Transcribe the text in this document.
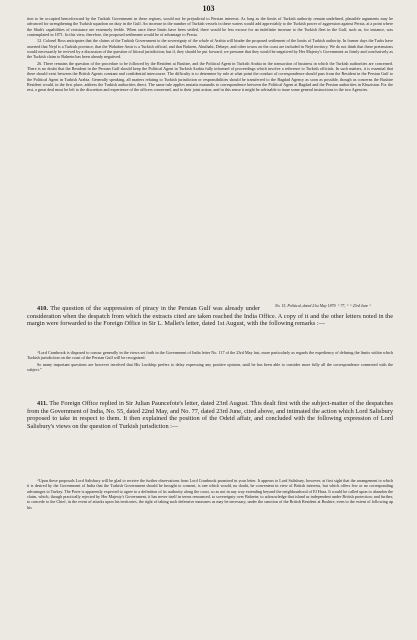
103

tion to be occupied henceforward by the Turkish Government in these regions, would not be prejudicial to Persian interests. As long as the limits of Turkish authority remain undefined, plausible arguments may be advanced for strengthening the Turkish squadron on duty in the Gulf. An increase in the number of Turkish vessels in these waters would add appreciably to the Turkish power of aggression against Persia, at a point where the Shah's capabilities of resistance are extremely feeble. When once these limits have been settled, there would be less excuse for an indefinite increase to the Turkish fleet in the Gulf, such as, for instance, was contemplated in 1871. In this view, therefore, the proposed settlement would be of advantage to Persia.

12. Colonel Ross anticipates that the claims of the Turkish Government to the sovereignty of the whole of Arabia will hinder the proposed settlement of the limits of Turkish authority. In former days the Turks have asserted that Nejd is a Turkish province, that the Wahabee Amir is a Turkish official, and that Bahrein, Abuthabi, Debaye, and other towns on the coast are included in Nejd territory. We do not think that these pretensions would necessarily be revived by a discussion of the question of littoral jurisdiction; but if, they should be put forward, we presume that they would be negatived by Her Majesty's Government as firmly and conclusively as the Turkish claim to Bahrein has been already negatived.

26. There remains the question of the procedure to be followed by the Resident at Bushire, and the Political Agent in Turkish Arabia in the transaction of business in which the Turkish authorities are concerned. There is no doubt that the Resident in the Persian Gulf should keep the Political Agent in Turkish Arabia fully informed of proceedings which involve a reference to Turkish officials. In such matters, it is essential that there should exist between the British Agents constant and confidential intercourse. The difficulty is to determine by rule at what point the conduct of correspondence should pass from the Resident in the Persian Gulf to the Political Agent in Turkish Arabia. Generally speaking, all matters relating to Turkish jurisdiction or responsibilities should be transferred to the Bagdad Agency as soon as possible, though as concerns the Bushire Resident would, in the first place, address the Turkish authorities direct. The same rule applies mutatis mutandis to correspondence between the Political Agent at Bagdad and the Persian authorities in Khuzistan. For the rest, a great deal must be left to the discretion and experience of the officers concerned, and to their joint action; and in this sense it might be advisable to issue some general instructions to the two Agencies.

No. 15, Political, dated 21st May 1879. “ 77, “ “ 23rd June “
410. The question of the suppression of piracy in the Persian Gulf was already under consideration when the despatch from which the extracts cited are taken reached the India Office. A copy of it and the other letters noted in the margin were forwarded to the Foreign Office in Sir L. Mallet's letter, dated 1st August, with the following remarks :—

“Lord Cranbrook is disposed to concur generally in the views set forth in the Government of India letter No. 117 of the 23rd May last, more particularly as regards the expediency of defining the limits within which Turkish jurisdiction on the coast of the Persian Gulf will be recognized.

So many important questions are however involved that His Lordship prefers to delay expressing any positive opinion, until he has been able to consider more fully all the correspondence connected with the subject.”

411. The Foreign Office replied in Sir Julian Pauncefote's letter, dated 23rd August. This dealt first with the subject-matter of the despatches from the Government of India, No. 55, dated 22nd May, and No. 77, dated 23rd June, cited above, and intimated the action which Lord Salisbury proposed to take in respect to them. It then explained the position of the Odeid affair, and concluded with the following expression of Lord Salisbury's views on the question of Turkish jurisdiction :—

“Upon these proposals Lord Salisbury will be glad to receive the further observations from Lord Cranbrook promised in your letter. It appears to Lord Salisbury, however, at first sight that the arrangement to which it is desired by the Government of India that the Turkish Government should be brought to consent, is one which would, no doubt, be convenient in view of British interests, but which offers few or no corresponding advantages to Turkey. The Porte is apparently expected to agree to a definition of its authority along the coast, so as not in any way extending beyond the neighbourhood of El Hasa. It would be called upon to abandon the claim, which, though practically rejected by Her Majesty's Government, it has never itself in terms renounced, to sovereignty over Bahrein; to acknowledge that island as independent under British protection; and further, to concede to the Chief, in the event of attacks upon his territories, the right of taking such defensive measures as may be necessary, under the sanction of the British Resident at Bushire, even to the extent of following up his
